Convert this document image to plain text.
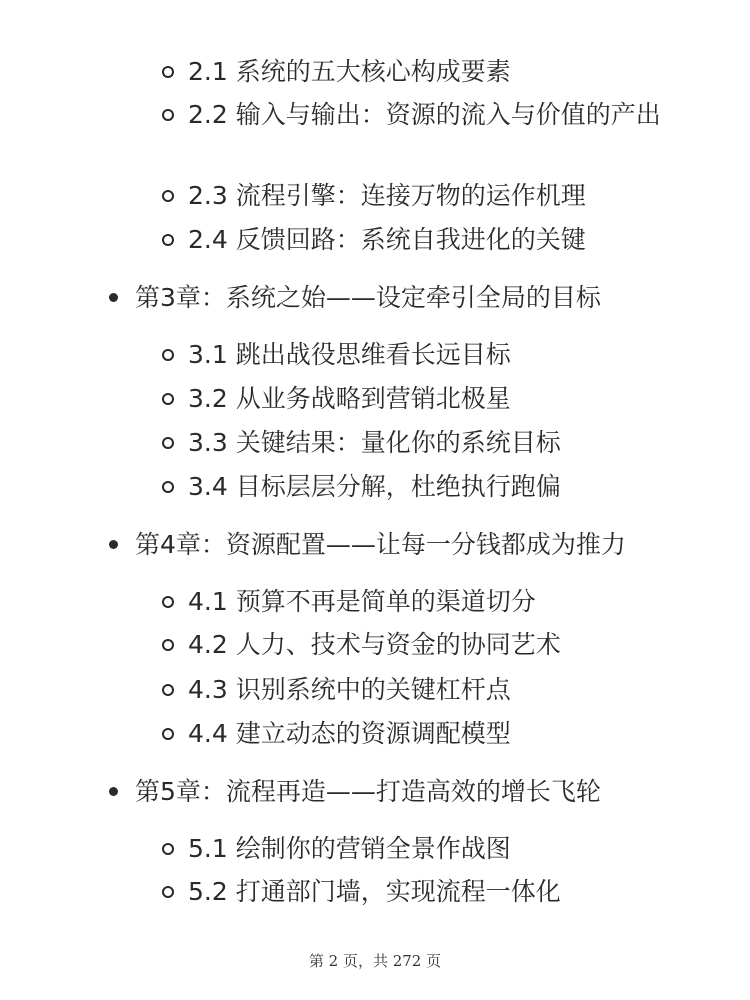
2.1 系统的五大核心构成要素
2.2 输入与输出：资源的流入与价值的产出
2.3 流程引擎：连接万物的运作机理
2.4 反馈回路：系统自我进化的关键
第3章：系统之始——设定牵引全局的目标
3.1 跳出战役思维看长远目标
3.2 从业务战略到营销北极星
3.3 关键结果：量化你的系统目标
3.4 目标层层分解，杜绝执行跑偏
第4章：资源配置——让每一分钱都成为推力
4.1 预算不再是简单的渠道切分
4.2 人力、技术与资金的协同艺术
4.3 识别系统中的关键杠杆点
4.4 建立动态的资源调配模型
第5章：流程再造——打造高效的增长飞轮
5.1 绘制你的营销全景作战图
5.2 打通部门墙，实现流程一体化
第 2 页，共 272 页
